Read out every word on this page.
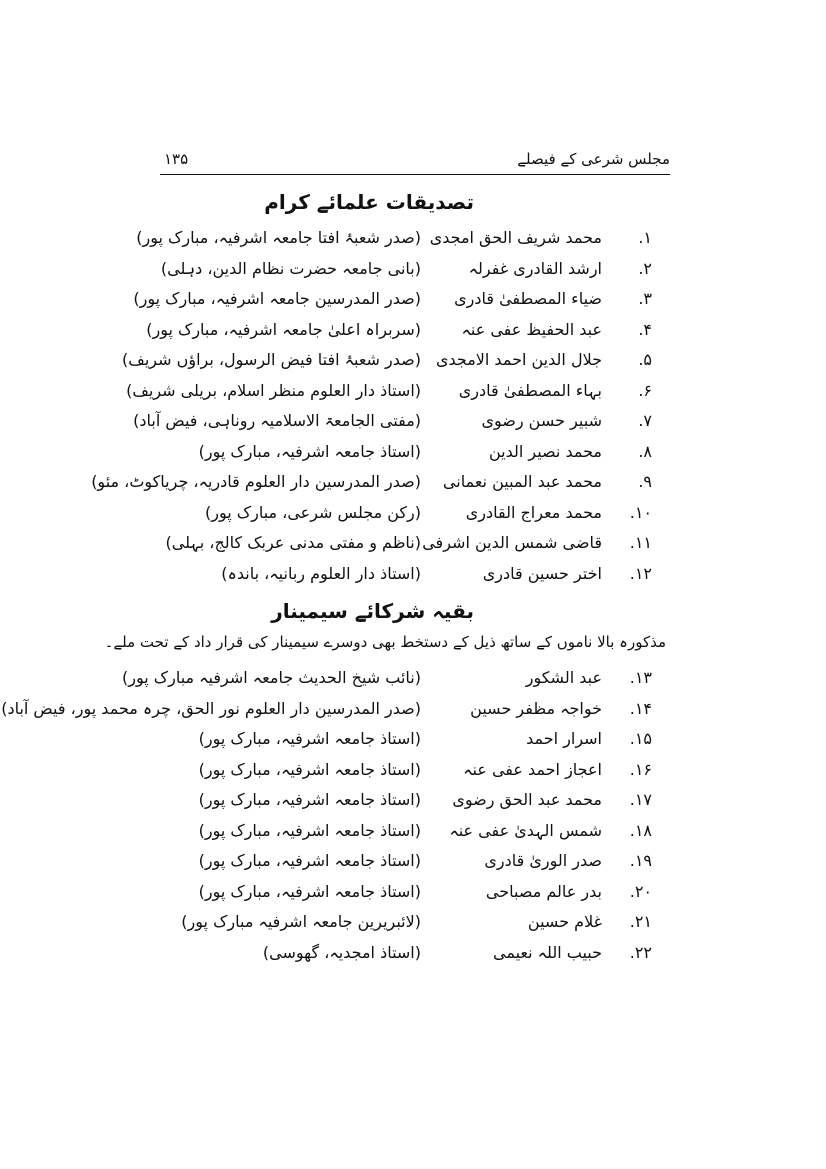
مجلس شرعی کے فیصلے
۱۳۵
تصدیقات علمائے کرام
۱.
محمد شریف الحق امجدی
(صدر شعبۂ افتا جامعہ اشرفیہ، مبارک پور)
۲.
ارشد القادری غفرلہ
(بانی جامعہ حضرت نظام الدین، دہلی)
۳.
ضیاء المصطفیٰ قادری
(صدر المدرسین جامعہ اشرفیہ، مبارک پور)
۴.
عبد الحفیظ عفی عنہ
(سربراہ اعلیٰ جامعہ اشرفیہ، مبارک پور)
۵.
جلال الدین احمد الامجدی
(صدر شعبۂ افتا فیض الرسول، براؤں شریف)
۶.
بہاء المصطفیٰ قادری
(استاذ دار العلوم منظر اسلام، بریلی شریف)
۷.
شبیر حسن رضوی
(مفتی الجامعۃ الاسلامیہ روناہی، فیض آباد)
۸.
محمد نصیر الدین
(استاذ جامعہ اشرفیہ، مبارک پور)
۹.
محمد عبد المبین نعمانی
(صدر المدرسین دار العلوم قادریہ، چریاکوٹ، مئو)
۱۰.
محمد معراج القادری
(رکن مجلس شرعی، مبارک پور)
۱۱.
قاضی شمس الدین اشرفی
(ناظم و مفتی مدنی عربک کالج، بہلی)
۱۲.
اختر حسین قادری
(استاذ دار العلوم ربانیہ، باندہ)
بقیہ شرکائے سیمینار
مذکورہ بالا ناموں کے ساتھ ذیل کے دستخط بھی دوسرے سیمینار کی قرار داد کے تحت ملے۔
۱۳.
عبد الشکور
(نائب شیخ الحدیث جامعہ اشرفیہ مبارک پور)
۱۴.
خواجہ مظفر حسین
(صدر المدرسین دار العلوم نور الحق، چرہ محمد پور، فیض آباد)
۱۵.
اسرار احمد
(استاذ جامعہ اشرفیہ، مبارک پور)
۱۶.
اعجاز احمد عفی عنہ
(استاذ جامعہ اشرفیہ، مبارک پور)
۱۷.
محمد عبد الحق رضوی
(استاذ جامعہ اشرفیہ، مبارک پور)
۱۸.
شمس الہدیٰ عفی عنہ
(استاذ جامعہ اشرفیہ، مبارک پور)
۱۹.
صدر الوریٰ قادری
(استاذ جامعہ اشرفیہ، مبارک پور)
۲۰.
بدر عالم مصباحی
(استاذ جامعہ اشرفیہ، مبارک پور)
۲۱.
غلام حسین
(لائبریرین جامعہ اشرفیہ مبارک پور)
۲۲.
حبیب اللہ نعیمی
(استاذ امجدیہ، گھوسی)
